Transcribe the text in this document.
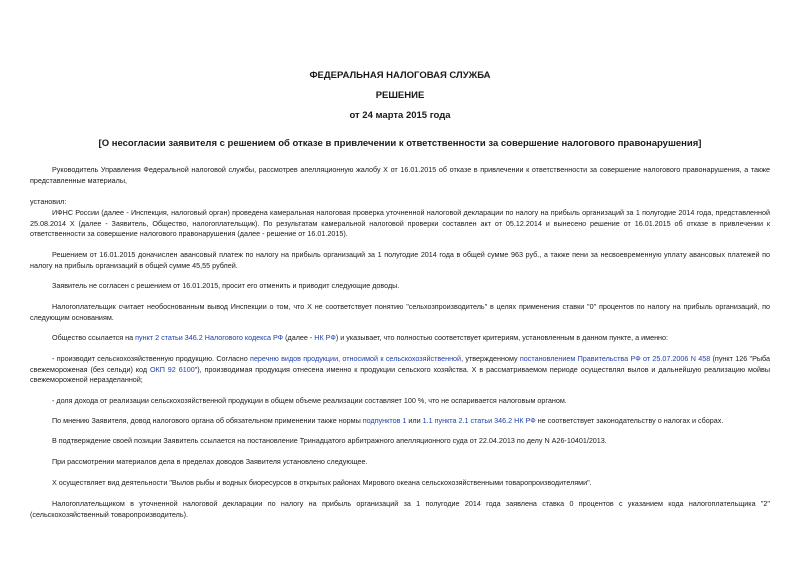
ФЕДЕРАЛЬНАЯ НАЛОГОВАЯ СЛУЖБА
РЕШЕНИЕ
от 24 марта 2015 года
[О несогласии заявителя с решением об отказе в привлечении к ответственности за совершение налогового правонарушения]
Руководитель Управления Федеральной налоговой службы, рассмотрев апелляционную жалобу X от 16.01.2015 об отказе в привлечении к ответственности за совершение налогового правонарушения, а также представленные материалы,
установил:
ИФНС России (далее - Инспекция, налоговый орган) проведена камеральная налоговая проверка уточненной налоговой декларации по налогу на прибыль организаций за 1 полугодие 2014 года, представленной 25.08.2014 X (далее - Заявитель, Общество, налогоплательщик). По результатам камеральной налоговой проверки составлен акт от 05.12.2014 и вынесено решение от 16.01.2015 об отказе в привлечении к ответственности за совершение налогового правонарушения (далее - решение от 16.01.2015).
Решением от 16.01.2015 доначислен авансовый платеж по налогу на прибыль организаций за 1 полугодие 2014 года в общей сумме 963 руб., а также пени за несвоевременную уплату авансовых платежей по налогу на прибыль организаций в общей сумме 45,55 рублей.
Заявитель не согласен с решением от 16.01.2015, просит его отменить и приводит следующие доводы.
Налогоплательщик считает необоснованным вывод Инспекции о том, что X не соответствует понятию "сельхозпроизводитель" в целях применения ставки "0" процентов по налогу на прибыль организаций, по следующим основаниям.
Общество ссылается на пункт 2 статьи 346.2 Налогового кодекса РФ (далее - НК РФ) и указывает, что полностью соответствует критериям, установленным в данном пункте, а именно:
- производит сельскохозяйственную продукцию. Согласно перечню видов продукции, относимой к сельскохозяйственной, утвержденному постановлением Правительства РФ от 25.07.2006 N 458 (пункт 126 "Рыба свежемороженая (без сельди) код ОКП 92 6100"), производимая продукция отнесена именно к продукции сельского хозяйства. X в рассматриваемом периоде осуществлял вылов и дальнейшую реализацию мойвы свежемороженой неразделанной;
- доля дохода от реализации сельскохозяйственной продукции в общем объеме реализации составляет 100 %, что не оспаривается налоговым органом.
По мнению Заявителя, довод налогового органа об обязательном применении также нормы подпунктов 1 или 1.1 пункта 2.1 статьи 346.2 НК РФ не соответствует законодательству о налогах и сборах.
В подтверждение своей позиции Заявитель ссылается на постановление Тринадцатого арбитражного апелляционного суда от 22.04.2013 по делу N А26-10401/2013.
При рассмотрении материалов дела в пределах доводов Заявителя установлено следующее.
X осуществляет вид деятельности "Вылов рыбы и водных биоресурсов в открытых районах Мирового океана сельскохозяйственными товаропроизводителями".
Налогоплательщиком в уточненной налоговой декларации по налогу на прибыль организаций за 1 полугодие 2014 года заявлена ставка 0 процентов с указанием кода налогоплательщика "2" (сельскохозяйственный товаропроизводитель).
